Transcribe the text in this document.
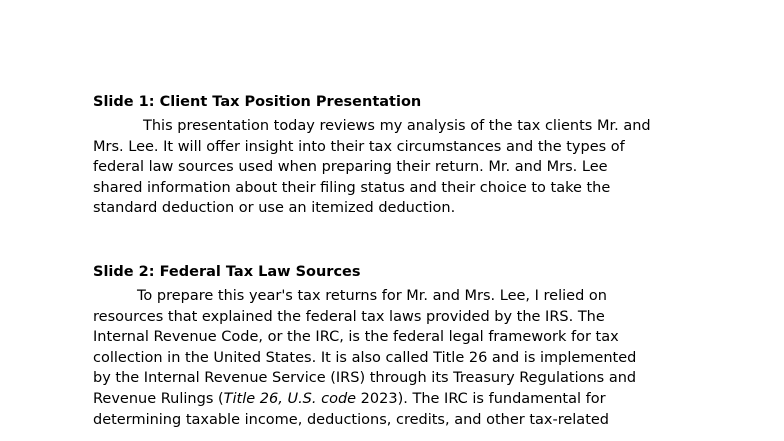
Slide 1: Client Tax Position Presentation

This presentation today reviews my analysis of the tax clients Mr. and
Mrs. Lee. It will offer insight into their tax circumstances and the types of
federal law sources used when preparing their return. Mr. and Mrs. Lee
shared information about their filing status and their choice to take the
standard deduction or use an itemized deduction.

Slide 2: Federal Tax Law Sources

To prepare this year's tax returns for Mr. and Mrs. Lee, I relied on
resources that explained the federal tax laws provided by the IRS. The
Internal Revenue Code, or the IRC, is the federal legal framework for tax
collection in the United States. It is also called Title 26 and is implemented
by the Internal Revenue Service (IRS) through its Treasury Regulations and
Revenue Rulings (Title 26, U.S. code 2023). The IRC is fundamental for
determining taxable income, deductions, credits, and other tax-related
